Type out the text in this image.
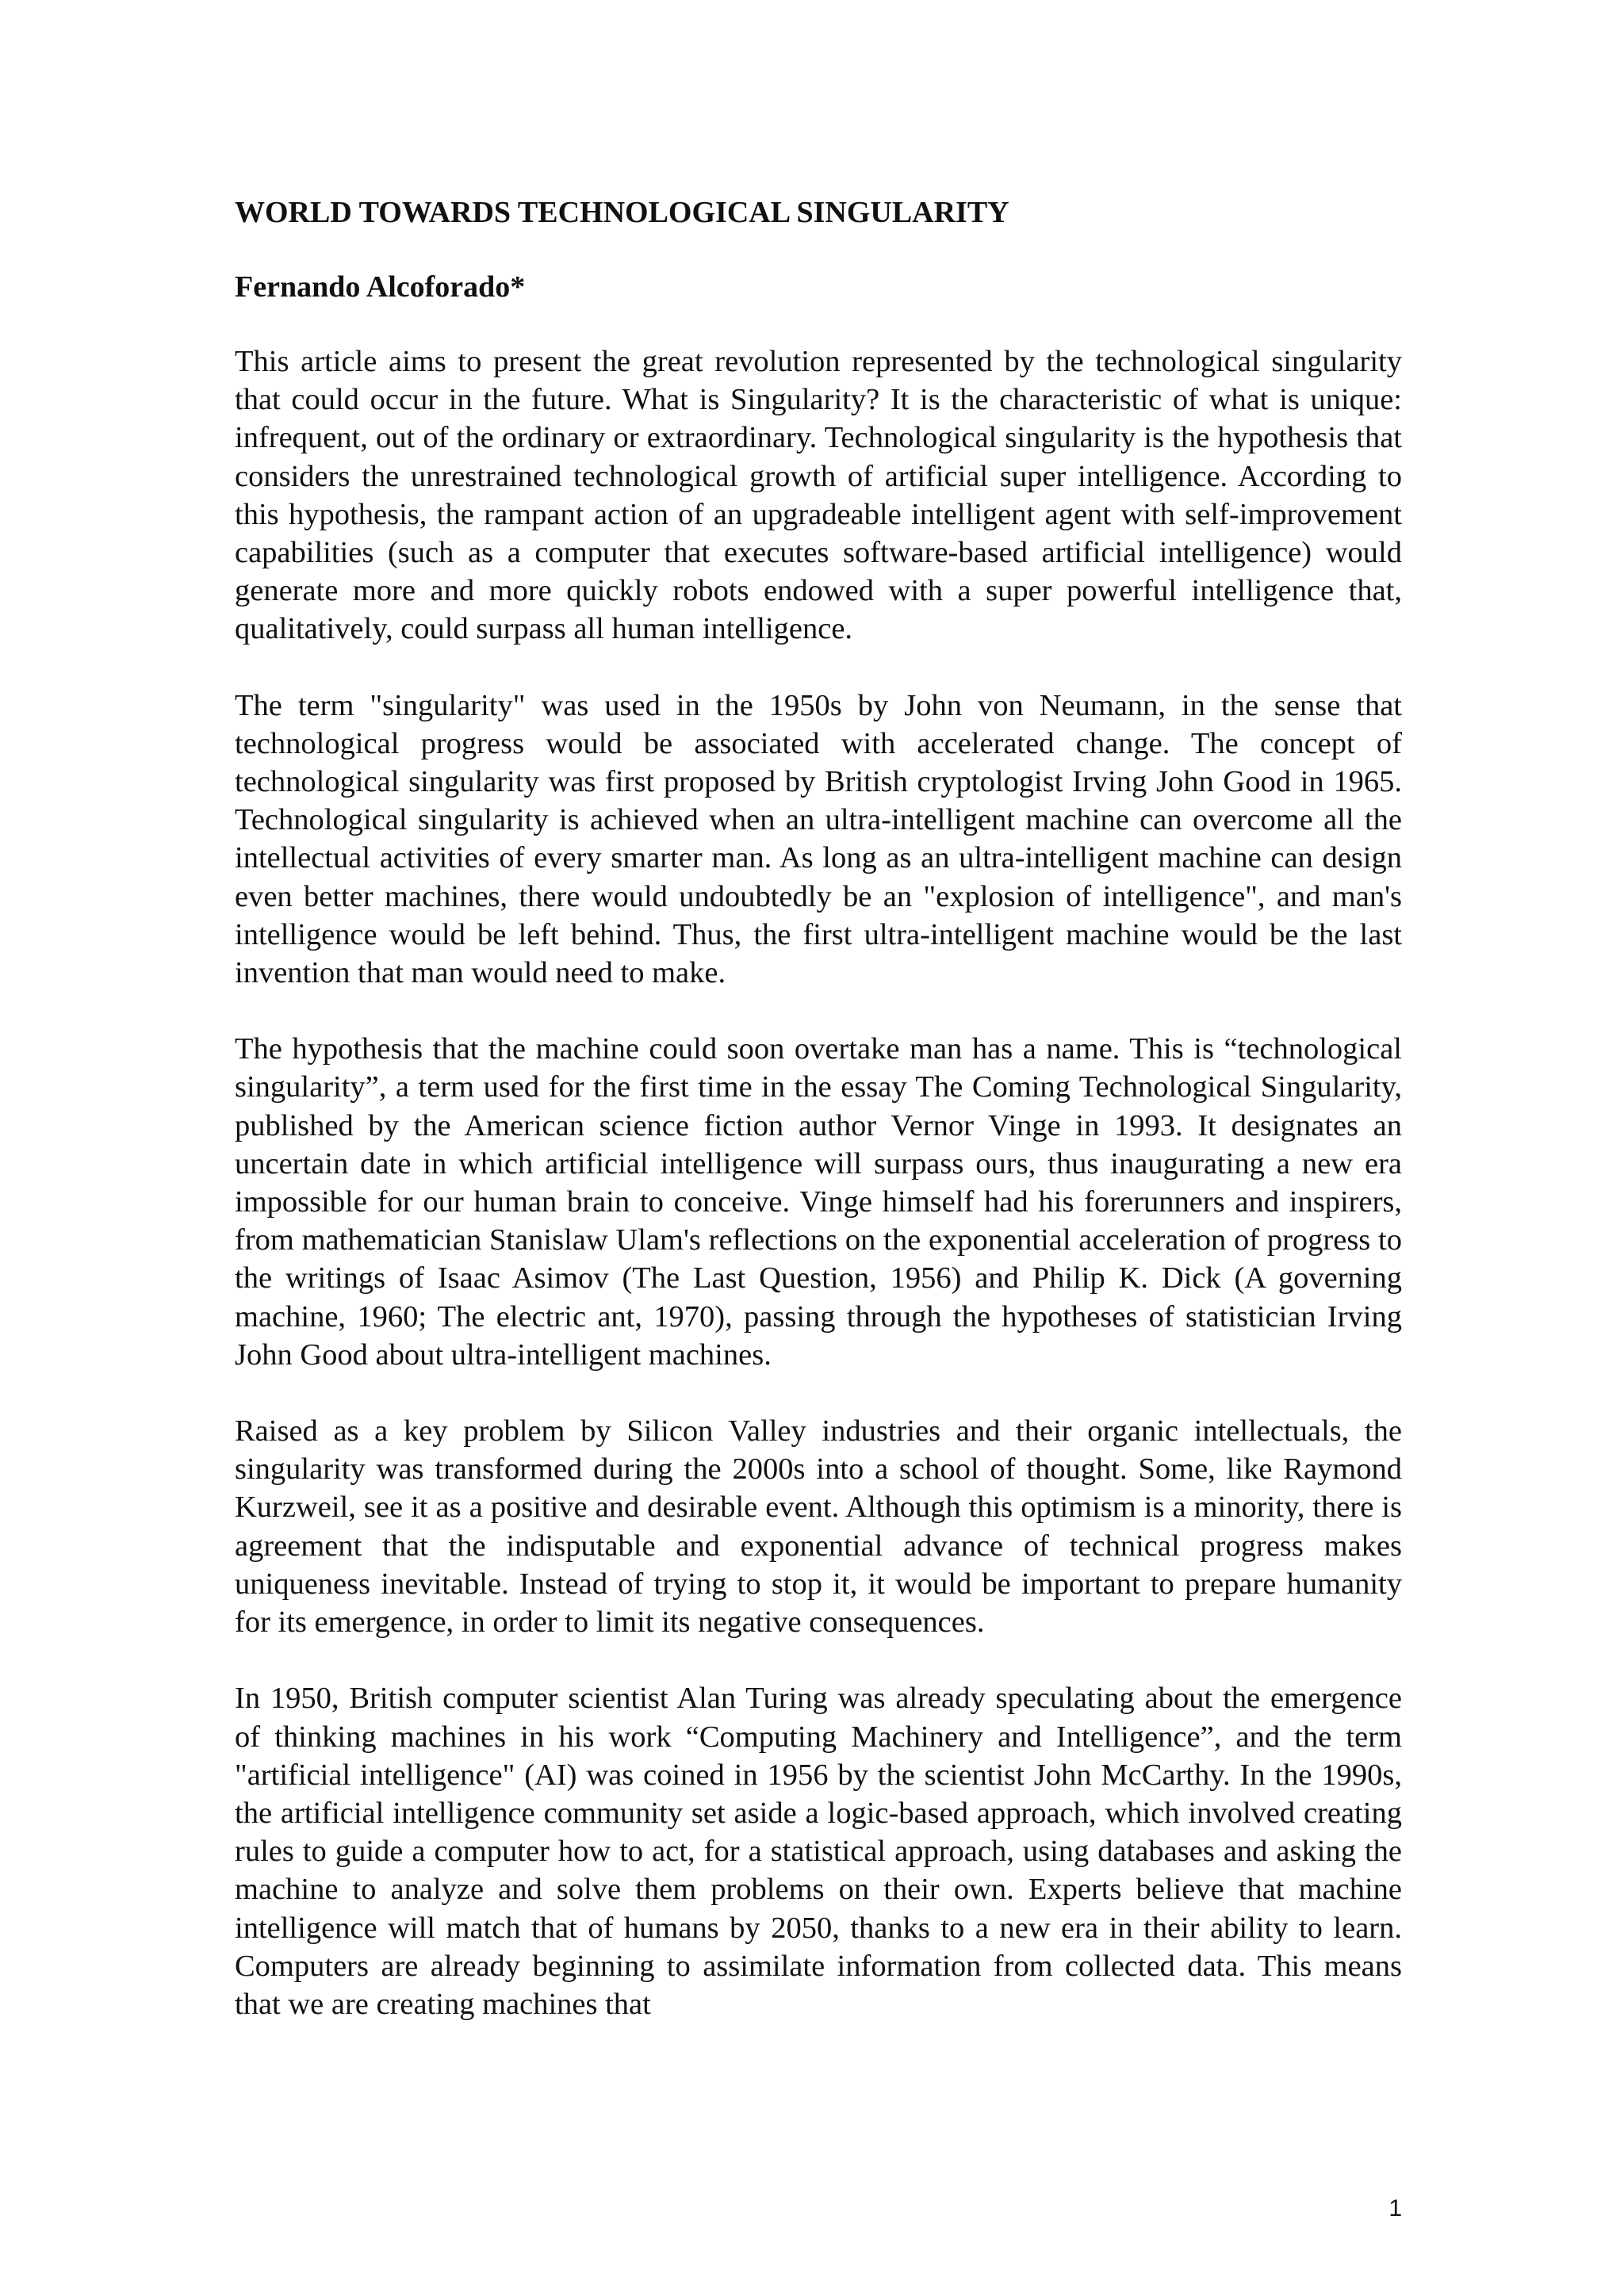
WORLD TOWARDS TECHNOLOGICAL SINGULARITY
Fernando Alcoforado*

This article aims to present the great revolution represented by the technological singularity that could occur in the future. What is Singularity? It is the characteristic of what is unique: infrequent, out of the ordinary or extraordinary. Technological singularity is the hypothesis that considers the unrestrained technological growth of artificial super intelligence. According to this hypothesis, the rampant action of an upgradeable intelligent agent with self-improvement capabilities (such as a computer that executes software-based artificial intelligence) would generate more and more quickly robots endowed with a super powerful intelligence that, qualitatively, could surpass all human intelligence.

The term "singularity" was used in the 1950s by John von Neumann, in the sense that technological progress would be associated with accelerated change. The concept of technological singularity was first proposed by British cryptologist Irving John Good in 1965. Technological singularity is achieved when an ultra-intelligent machine can overcome all the intellectual activities of every smarter man. As long as an ultra-intelligent machine can design even better machines, there would undoubtedly be an "explosion of intelligence", and man's intelligence would be left behind. Thus, the first ultra-intelligent machine would be the last invention that man would need to make.

The hypothesis that the machine could soon overtake man has a name. This is “technological singularity”, a term used for the first time in the essay The Coming Technological Singularity, published by the American science fiction author Vernor Vinge in 1993. It designates an uncertain date in which artificial intelligence will surpass ours, thus inaugurating a new era impossible for our human brain to conceive. Vinge himself had his forerunners and inspirers, from mathematician Stanislaw Ulam's reflections on the exponential acceleration of progress to the writings of Isaac Asimov (The Last Question, 1956) and Philip K. Dick (A governing machine, 1960; The electric ant, 1970), passing through the hypotheses of statistician Irving John Good about ultra-intelligent machines.

Raised as a key problem by Silicon Valley industries and their organic intellectuals, the singularity was transformed during the 2000s into a school of thought. Some, like Raymond Kurzweil, see it as a positive and desirable event. Although this optimism is a minority, there is agreement that the indisputable and exponential advance of technical progress makes uniqueness inevitable. Instead of trying to stop it, it would be important to prepare humanity for its emergence, in order to limit its negative consequences.

In 1950, British computer scientist Alan Turing was already speculating about the emergence of thinking machines in his work “Computing Machinery and Intelligence”, and the term "artificial intelligence" (AI) was coined in 1956 by the scientist John McCarthy. In the 1990s, the artificial intelligence community set aside a logic-based approach, which involved creating rules to guide a computer how to act, for a statistical approach, using databases and asking the machine to analyze and solve them problems on their own. Experts believe that machine intelligence will match that of humans by 2050, thanks to a new era in their ability to learn. Computers are already beginning to assimilate information from collected data. This means that we are creating machines that

1
